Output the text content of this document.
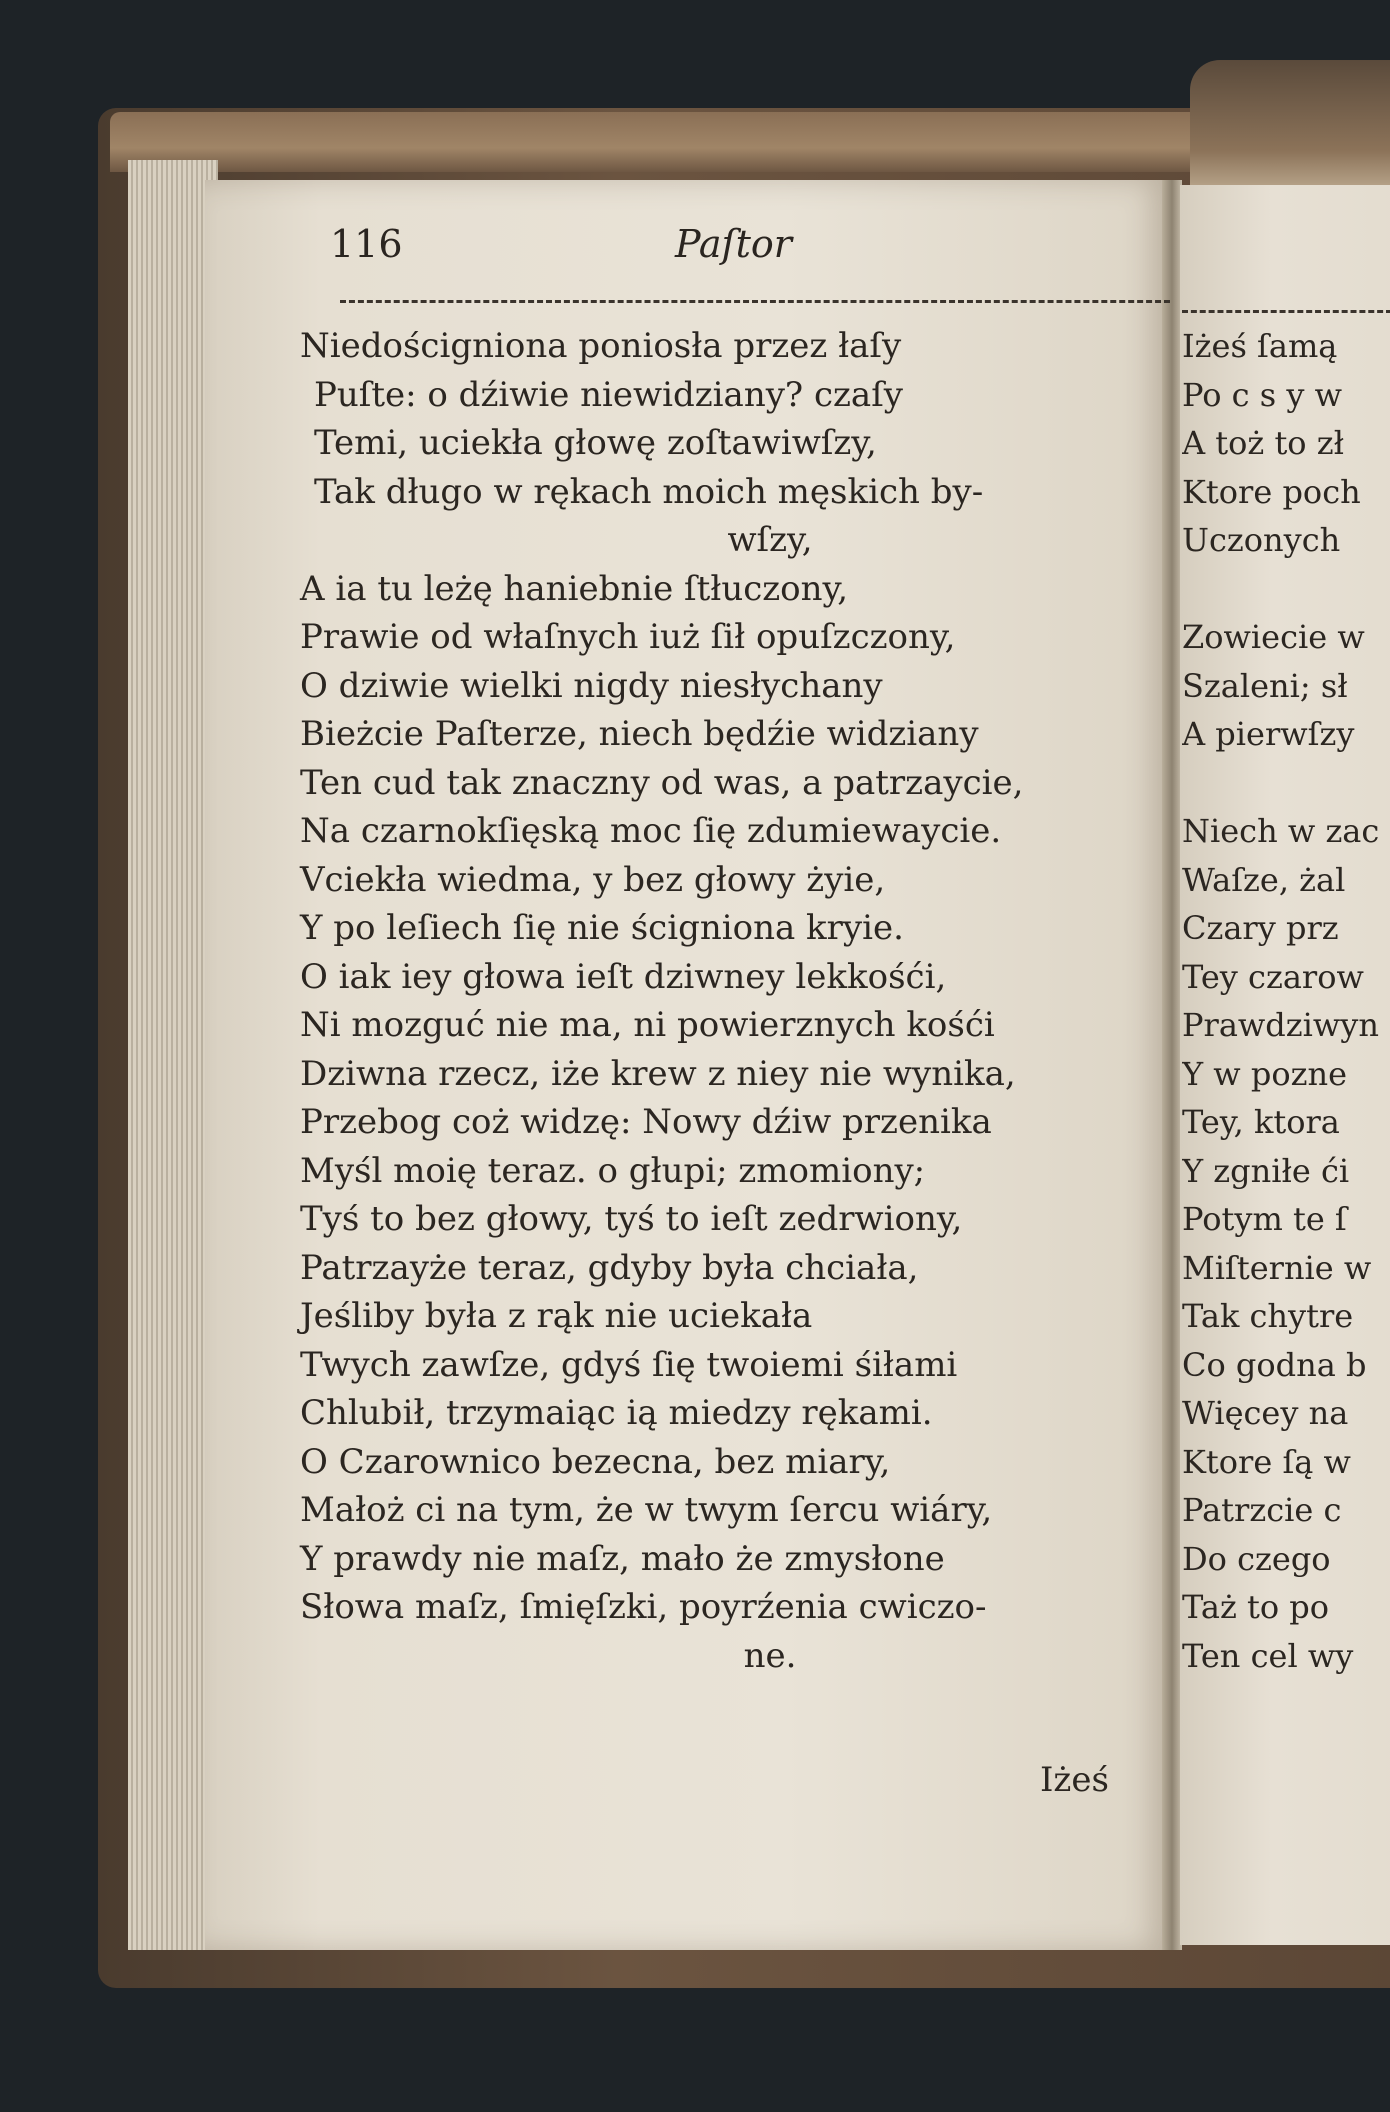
116	Paſtor
Niedościgniona poniosła przez łaſy
Puſte: o dźiwie niewidziany? czaſy
Temi, uciekła głowę zoſtawiwſzy,
Tak długo w rękach moich męskich by-
wſzy,
A ia tu leżę haniebnie ſtłuczony,
Prawie od właſnych iuż ſił opuſzczony,
O dziwie wielki nigdy niesłychany
Bieżcie Paſterze, niech będźie widziany
Ten cud tak znaczny od was, a patrzaycie,
Na czarnokſięską moc ſię zdumiewaycie.
Vciekła wiedma, y bez głowy żyie,
Y po leſiech ſię nie ścigniona kryie.
O iak iey głowa ieſt dziwney lekkośći,
Ni mozguć nie ma, ni powierznych kośći
Dziwna rzecz, iże krew z niey nie wynika,
Przebog coż widzę: Nowy dźiw przenika
Myśl moię teraz. o głupi; zmomiony;
Tyś to bez głowy, tyś to ieſt zedrwiony,
Patrzayże teraz, gdyby była chciała,
Jeśliby była z rąk nie uciekała
Twych zawſze, gdyś ſię twoiemi śiłami
Chlubił, trzymaiąc ią miedzy rękami.
O Czarownico bezecna, bez miary,
Małoż ci na tym, że w twym ſercu wiáry,
Y prawdy nie maſz, mało że zmysłone
Słowa maſz, ſmięſzki, poyrźenia cwiczo-
ne.
Iżeś
Iżeś ſamą
Po c s y w
A toż to zł
Ktore poch
Uczonych
Zowiecie w
Szaleni; sł
A pierwſzy
Niech w zac
Waſze, żal
Czary prz
Tey czarow
Prawdziwyn
Y w pozne
Tey, ktora
Y zgniłe ći
Potym te ſ
Miſternie w
Tak chytre
Co godna b
Więcey na
Ktore ſą w
Patrzcie c
Do czego
Taż to po
Ten cel wy
